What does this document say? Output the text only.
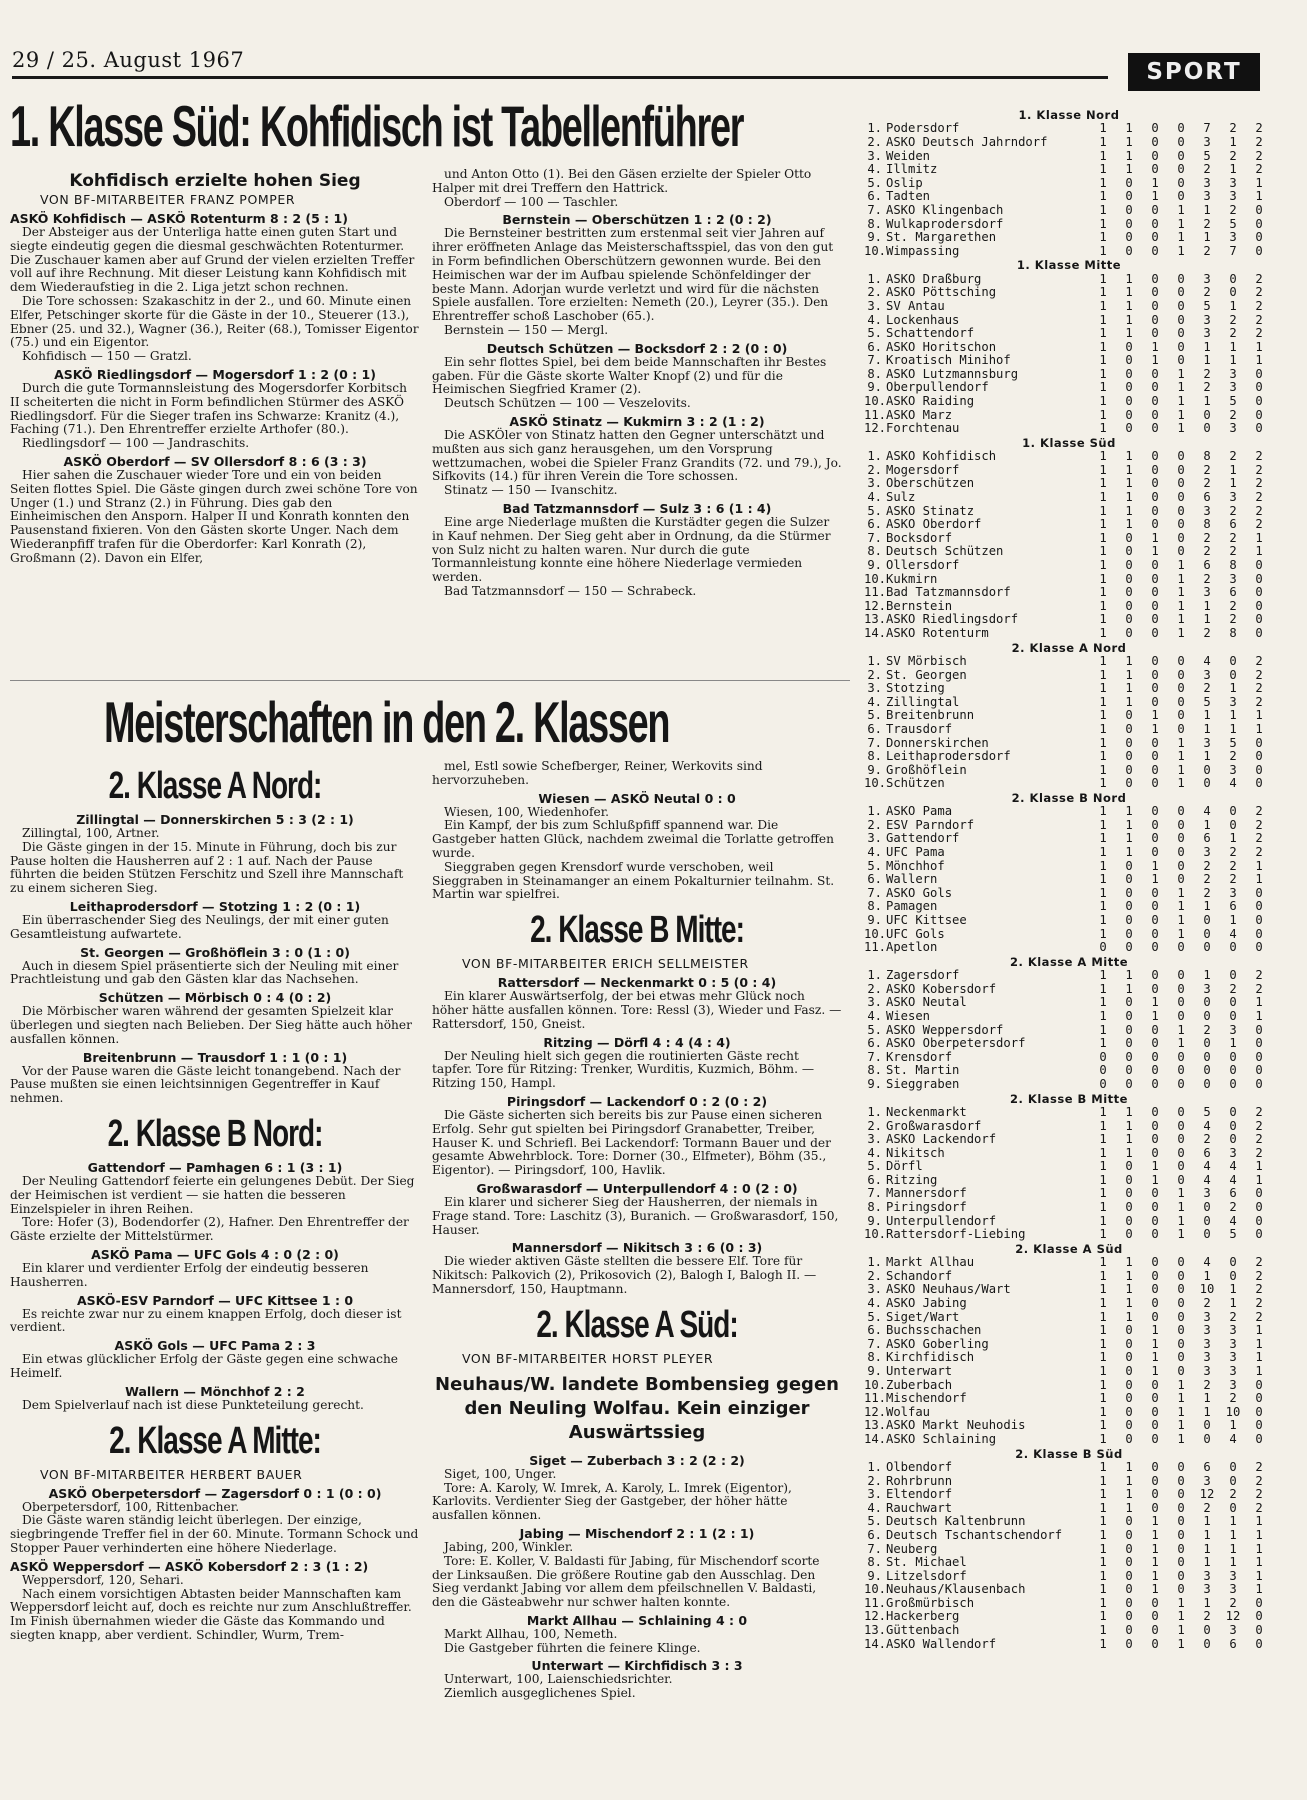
29 / 25. August 1967	SPORT
1. Klasse Süd: Kohfidisch ist Tabellenführer
Kohfidisch erzielte hohen Sieg
VON BF-MITARBEITER FRANZ POMPER
ASKÖ Kohfidisch — ASKÖ Rotenturm 8 : 2 (5 : 1)

Der Absteiger aus der Unterliga hatte einen guten Start und siegte eindeutig gegen die diesmal geschwächten Rotenturmer. Die Zuschauer kamen aber auf Grund der vielen erzielten Treffer voll auf ihre Rechnung. Mit dieser Leistung kann Kohfidisch mit dem Wiederaufstieg in die 2. Liga jetzt schon rechnen.

Die Tore schossen: Szakaschitz in der 2., und 60. Minute einen Elfer, Petschinger skorte für die Gäste in der 10., Steuerer (13.), Ebner (25. und 32.), Wagner (36.), Reiter (68.), Tomisser Eigentor (75.) und ein Eigentor.

Kohfidisch — 150 — Gratzl.

ASKÖ Riedlingsdorf — Mogersdorf 1 : 2 (0 : 1)

Durch die gute Tormannsleistung des Mogersdorfer Korbitsch II scheiterten die nicht in Form befindlichen Stürmer des ASKÖ Riedlingsdorf. Für die Sieger trafen ins Schwarze: Kranitz (4.), Faching (71.). Den Ehrentreffer erzielte Arthofer (80.).

Riedlingsdorf — 100 — Jandraschits.

ASKÖ Oberdorf — SV Ollersdorf 8 : 6 (3 : 3)

Hier sahen die Zuschauer wieder Tore und ein von beiden Seiten flottes Spiel. Die Gäste gingen durch zwei schöne Tore von Unger (1.) und Stranz (2.) in Führung. Dies gab den Einheimischen den Ansporn. Halper II und Konrath konnten den Pausenstand fixieren. Von den Gästen skorte Unger. Nach dem Wiederanpfiff trafen für die Oberdorfer: Karl Konrath (2), Großmann (2). Davon ein Elfer,

und Anton Otto (1). Bei den Gäsen erzielte der Spieler Otto Halper mit drei Treffern den Hattrick.

Oberdorf — 100 — Taschler.

Bernstein — Oberschützen 1 : 2 (0 : 2)

Die Bernsteiner bestritten zum erstenmal seit vier Jahren auf ihrer eröffneten Anlage das Meisterschaftsspiel, das von den gut in Form befindlichen Oberschützern gewonnen wurde. Bei den Heimischen war der im Aufbau spielende Schönfeldinger der beste Mann. Adorjan wurde verletzt und wird für die nächsten Spiele ausfallen. Tore erzielten: Nemeth (20.), Leyrer (35.). Den Ehrentreffer schoß Laschober (65.).

Bernstein — 150 — Mergl.

Deutsch Schützen — Bocksdorf 2 : 2 (0 : 0)

Ein sehr flottes Spiel, bei dem beide Mannschaften ihr Bestes gaben. Für die Gäste skorte Walter Knopf (2) und für die Heimischen Siegfried Kramer (2).

Deutsch Schützen — 100 — Veszelovits.

ASKÖ Stinatz — Kukmirn 3 : 2 (1 : 2)

Die ASKÖler von Stinatz hatten den Gegner unterschätzt und mußten aus sich ganz herausgehen, um den Vorsprung wettzumachen, wobei die Spieler Franz Grandits (72. und 79.), Jo. Sifkovits (14.) für ihren Verein die Tore schossen.

Stinatz — 150 — Ivanschitz.

Bad Tatzmannsdorf — Sulz 3 : 6 (1 : 4)

Eine arge Niederlage mußten die Kurstädter gegen die Sulzer in Kauf nehmen. Der Sieg geht aber in Ordnung, da die Stürmer von Sulz nicht zu halten waren. Nur durch die gute Tormannleistung konnte eine höhere Niederlage vermieden werden.

Bad Tatzmannsdorf — 150 — Schrabeck.

Meisterschaften in den 2. Klassen
2. Klasse A Nord:
Zillingtal — Donnerskirchen 5 : 3 (2 : 1)

Zillingtal, 100, Artner.

Die Gäste gingen in der 15. Minute in Führung, doch bis zur Pause holten die Hausherren auf 2 : 1 auf. Nach der Pause führten die beiden Stützen Ferschitz und Szell ihre Mannschaft zu einem sicheren Sieg.

Leithaprodersdorf — Stotzing 1 : 2 (0 : 1)

Ein überraschender Sieg des Neulings, der mit einer guten Gesamtleistung aufwartete.

St. Georgen — Großhöflein 3 : 0 (1 : 0)

Auch in diesem Spiel präsentierte sich der Neuling mit einer Prachtleistung und gab den Gästen klar das Nachsehen.

Schützen — Mörbisch 0 : 4 (0 : 2)

Die Mörbischer waren während der gesamten Spielzeit klar überlegen und siegten nach Belieben. Der Sieg hätte auch höher ausfallen können.

Breitenbrunn — Trausdorf 1 : 1 (0 : 1)

Vor der Pause waren die Gäste leicht tonangebend. Nach der Pause mußten sie einen leichtsinnigen Gegentreffer in Kauf nehmen.

2. Klasse B Nord:
Gattendorf — Pamhagen 6 : 1 (3 : 1)

Der Neuling Gattendorf feierte ein gelungenes Debüt. Der Sieg der Heimischen ist verdient — sie hatten die besseren Einzelspieler in ihren Reihen.

Tore: Hofer (3), Bodendorfer (2), Hafner. Den Ehrentreffer der Gäste erzielte der Mittelstürmer.

ASKÖ Pama — UFC Gols 4 : 0 (2 : 0)

Ein klarer und verdienter Erfolg der eindeutig besseren Hausherren.

ASKÖ-ESV Parndorf — UFC Kittsee 1 : 0

Es reichte zwar nur zu einem knappen Erfolg, doch dieser ist verdient.

ASKÖ Gols — UFC Pama 2 : 3

Ein etwas glücklicher Erfolg der Gäste gegen eine schwache Heimelf.

Wallern — Mönchhof 2 : 2

Dem Spielverlauf nach ist diese Punkteteilung gerecht.

2. Klasse A Mitte:
VON BF-MITARBEITER HERBERT BAUER
ASKÖ Oberpetersdorf — Zagersdorf 0 : 1 (0 : 0)

Oberpetersdorf, 100, Rittenbacher.

Die Gäste waren ständig leicht überlegen. Der einzige, siegbringende Treffer fiel in der 60. Minute. Tormann Schock und Stopper Pauer verhinderten eine höhere Niederlage.

ASKÖ Weppersdorf — ASKÖ Kobersdorf 2 : 3 (1 : 2)

Weppersdorf, 120, Sehari.

Nach einem vorsichtigen Abtasten beider Mannschaften kam Weppersdorf leicht auf, doch es reichte nur zum Anschlußtreffer. Im Finish übernahmen wieder die Gäste das Kommando und siegten knapp, aber verdient. Schindler, Wurm, Trem-

mel, Estl sowie Schefberger, Reiner, Werkovits sind hervorzuheben.

Wiesen — ASKÖ Neutal 0 : 0

Wiesen, 100, Wiedenhofer.

Ein Kampf, der bis zum Schlußpfiff spannend war. Die Gastgeber hatten Glück, nachdem zweimal die Torlatte getroffen wurde.

Sieggraben gegen Krensdorf wurde verschoben, weil Sieggraben in Steinamanger an einem Pokalturnier teilnahm. St. Martin war spielfrei.

2. Klasse B Mitte:
VON BF-MITARBEITER ERICH SELLMEISTER
Rattersdorf — Neckenmarkt 0 : 5 (0 : 4)

Ein klarer Auswärtserfolg, der bei etwas mehr Glück noch höher hätte ausfallen können. Tore: Ressl (3), Wieder und Fasz. — Rattersdorf, 150, Gneist.

Ritzing — Dörfl 4 : 4 (4 : 4)

Der Neuling hielt sich gegen die routinierten Gäste recht tapfer. Tore für Ritzing: Trenker, Wurditis, Kuzmich, Böhm. — Ritzing 150, Hampl.

Piringsdorf — Lackendorf 0 : 2 (0 : 2)

Die Gäste sicherten sich bereits bis zur Pause einen sicheren Erfolg. Sehr gut spielten bei Piringsdorf Granabetter, Treiber, Hauser K. und Schriefl. Bei Lackendorf: Tormann Bauer und der gesamte Abwehrblock. Tore: Dorner (30., Elfmeter), Böhm (35., Eigentor). — Piringsdorf, 100, Havlik.

Großwarasdorf — Unterpullendorf 4 : 0 (2 : 0)

Ein klarer und sicherer Sieg der Hausherren, der niemals in Frage stand. Tore: Laschitz (3), Buranich. — Großwarasdorf, 150, Hauser.

Mannersdorf — Nikitsch 3 : 6 (0 : 3)

Die wieder aktiven Gäste stellten die bessere Elf. Tore für Nikitsch: Palkovich (2), Prikosovich (2), Balogh I, Balogh II. — Mannersdorf, 150, Hauptmann.

2. Klasse A Süd:
VON BF-MITARBEITER HORST PLEYER
Neuhaus/W. landete Bombensieg gegen den Neuling Wolfau. Kein einziger Auswärtssieg
Siget — Zuberbach 3 : 2 (2 : 2)

Siget, 100, Unger.

Tore: A. Karoly, W. Imrek, A. Karoly, L. Imrek (Eigentor), Karlovits. Verdienter Sieg der Gastgeber, der höher hätte ausfallen können.

Jabing — Mischendorf 2 : 1 (2 : 1)

Jabing, 200, Winkler.

Tore: E. Koller, V. Baldasti für Jabing, für Mischendorf scorte der Linksaußen. Die größere Routine gab den Ausschlag. Den Sieg verdankt Jabing vor allem dem pfeilschnellen V. Baldasti, den die Gästeabwehr nur schwer halten konnte.

Markt Allhau — Schlaining 4 : 0

Markt Allhau, 100, Nemeth.

Die Gastgeber führten die feinere Klinge.

Unterwart — Kirchfidisch 3 : 3

Unterwart, 100, Laienschiedsrichter.

Ziemlich ausgeglichenes Spiel.

1. Klasse Nord
1. Podersdorf	1	1	0	0	7	2	2
2. ASKÖ Deutsch Jahrndorf	1	1	0	0	3	1	2
3. Weiden	1	1	0	0	5	2	2
4. Illmitz	1	1	0	0	2	1	2
5. Oslip	1	0	1	0	3	3	1
6. Tadten	1	0	1	0	3	3	1
7. ASKÖ Klingenbach	1	0	0	1	1	2	0
8. Wulkaprodersdorf	1	0	0	1	2	5	0
9. St. Margarethen	1	0	0	1	1	3	0
10. Wimpassing	1	0	0	1	2	7	0
1. Klasse Mitte
1. ASKÖ Draßburg	1	1	0	0	3	0	2
2. ASKÖ Pöttsching	1	1	0	0	2	0	2
3. SV Antau	1	1	0	0	5	1	2
4. Lockenhaus	1	1	0	0	3	2	2
5. Schattendorf	1	1	0	0	3	2	2
6. ASKÖ Horitschon	1	0	1	0	1	1	1
7. Kroatisch Minihof	1	0	1	0	1	1	1
8. ASKÖ Lutzmannsburg	1	0	0	1	2	3	0
9. Oberpullendorf	1	0	0	1	2	3	0
10. ASKÖ Raiding	1	0	0	1	1	5	0
11. ASKÖ Marz	1	0	0	1	0	2	0
12. Forchtenau	1	0	0	1	0	3	0
1. Klasse Süd
1. ASKÖ Kohfidisch	1	1	0	0	8	2	2
2. Mogersdorf	1	1	0	0	2	1	2
3. Oberschützen	1	1	0	0	2	1	2
4. Sulz	1	1	0	0	6	3	2
5. ASKÖ Stinatz	1	1	0	0	3	2	2
6. ASKÖ Oberdorf	1	1	0	0	8	6	2
7. Bocksdorf	1	0	1	0	2	2	1
8. Deutsch Schützen	1	0	1	0	2	2	1
9. Ollersdorf	1	0	0	1	6	8	0
10. Kukmirn	1	0	0	1	2	3	0
11. Bad Tatzmannsdorf	1	0	0	1	3	6	0
12. Bernstein	1	0	0	1	1	2	0
13. ASKÖ Riedlingsdorf	1	0	0	1	1	2	0
14. ASKÖ Rotenturm	1	0	0	1	2	8	0
2. Klasse A Nord
1. SV Mörbisch	1	1	0	0	4	0	2
2. St. Georgen	1	1	0	0	3	0	2
3. Stotzing	1	1	0	0	2	1	2
4. Zillingtal	1	1	0	0	5	3	2
5. Breitenbrunn	1	0	1	0	1	1	1
6. Trausdorf	1	0	1	0	1	1	1
7. Donnerskirchen	1	0	0	1	3	5	0
8. Leithaprodersdorf	1	0	0	1	1	2	0
9. Großhöflein	1	0	0	1	0	3	0
10. Schützen	1	0	0	1	0	4	0
2. Klasse B Nord
1. ASKÖ Pama	1	1	0	0	4	0	2
2. ESV Parndorf	1	1	0	0	1	0	2
3. Gattendorf	1	1	0	0	6	1	2
4. UFC Pama	1	1	0	0	3	2	2
5. Mönchhof	1	0	1	0	2	2	1
6. Wallern	1	0	1	0	2	2	1
7. ASKÖ Gols	1	0	0	1	2	3	0
8. Pamagen	1	0	0	1	1	6	0
9. UFC Kittsee	1	0	0	1	0	1	0
10. UFC Gols	1	0	0	1	0	4	0
11. Apetlon	0	0	0	0	0	0	0
2. Klasse A Mitte
1. Zagersdorf	1	1	0	0	1	0	2
2. ASKÖ Kobersdorf	1	1	0	0	3	2	2
3. ASKÖ Neutal	1	0	1	0	0	0	1
4. Wiesen	1	0	1	0	0	0	1
5. ASKÖ Weppersdorf	1	0	0	1	2	3	0
6. ASKÖ Oberpetersdorf	1	0	0	1	0	1	0
7. Krensdorf	0	0	0	0	0	0	0
8. St. Martin	0	0	0	0	0	0	0
9. Sieggraben	0	0	0	0	0	0	0
2. Klasse B Mitte
1. Neckenmarkt	1	1	0	0	5	0	2
2. Großwarasdorf	1	1	0	0	4	0	2
3. ASKÖ Lackendorf	1	1	0	0	2	0	2
4. Nikitsch	1	1	0	0	6	3	2
5. Dörfl	1	0	1	0	4	4	1
6. Ritzing	1	0	1	0	4	4	1
7. Mannersdorf	1	0	0	1	3	6	0
8. Piringsdorf	1	0	0	1	0	2	0
9. Unterpullendorf	1	0	0	1	0	4	0
10. Rattersdorf-Liebing	1	0	0	1	0	5	0
2. Klasse A Süd
1. Markt Allhau	1	1	0	0	4	0	2
2. Schandorf	1	1	0	0	1	0	2
3. ASKÖ Neuhaus/Wart	1	1	0	0	10	1	2
4. ASKÖ Jabing	1	1	0	0	2	1	2
5. Siget/Wart	1	1	0	0	3	2	2
6. Buchsschachen	1	0	1	0	3	3	1
7. ASKÖ Goberling	1	0	1	0	3	3	1
8. Kirchfidisch	1	0	1	0	3	3	1
9. Unterwart	1	0	1	0	3	3	1
10. Zuberbach	1	0	0	1	2	3	0
11. Mischendorf	1	0	0	1	1	2	0
12. Wolfau	1	0	0	1	1	10	0
13. ASKÖ Markt Neuhodis	1	0	0	1	0	1	0
14. ASKÖ Schlaining	1	0	0	1	0	4	0
2. Klasse B Süd
1. Olbendorf	1	1	0	0	6	0	2
2. Rohrbrunn	1	1	0	0	3	0	2
3. Eltendorf	1	1	0	0	12	2	2
4. Rauchwart	1	1	0	0	2	0	2
5. Deutsch Kaltenbrunn	1	0	1	0	1	1	1
6. Deutsch Tschantschendorf	1	0	1	0	1	1	1
7. Neuberg	1	0	1	0	1	1	1
8. St. Michael	1	0	1	0	1	1	1
9. Litzelsdorf	1	0	1	0	3	3	1
10. Neuhaus/Klausenbach	1	0	1	0	3	3	1
11. Großmürbisch	1	0	0	1	1	2	0
12. Hackerberg	1	0	0	1	2	12	0
13. Güttenbach	1	0	0	1	0	3	0
14. ASKÖ Wallendorf	1	0	0	1	0	6	0
